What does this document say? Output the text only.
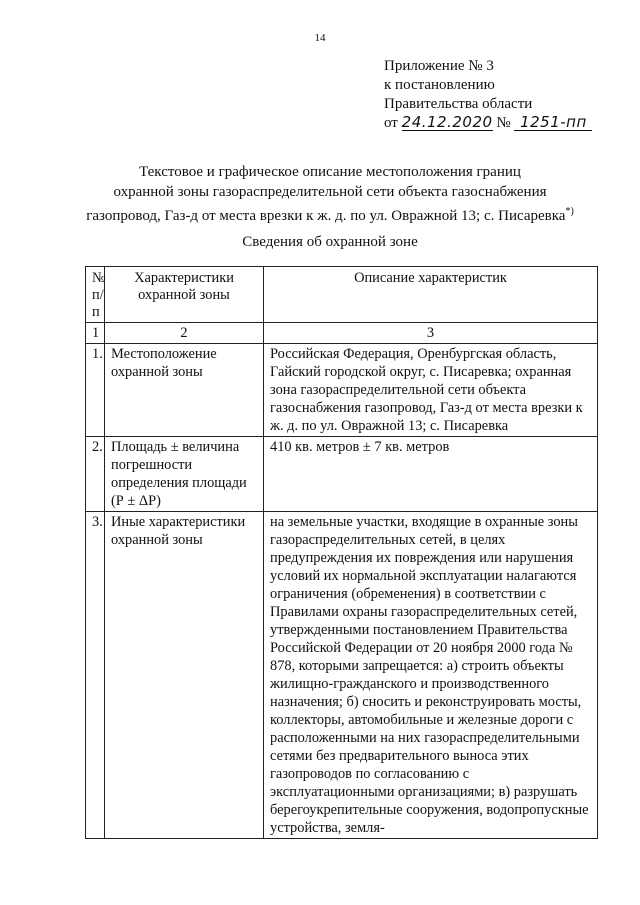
14
Приложение № 3
к постановлению
Правительства области
от 24.12.2020 № 1251-пп
Текстовое и графическое описание местоположения границ
охранной зоны газораспределительной сети объекта газоснабжения
газопровод, Газ-д от места врезки к ж. д. по ул. Овражной 13; с. Писаревка*)
Сведения об охранной зоне
№ п/п	Характеристики охранной зоны	Описание характеристик
1	2	3
1.	Местоположение охранной зоны	Российская Федерация, Оренбургская область, Гайский городской округ, с. Писаревка; охранная зона газораспределительной сети объекта газоснабжения газопровод, Газ-д от места врезки к ж. д. по ул. Овражной 13; с. Писаревка
2.	Площадь ± величина погрешности определения площади (Р ± ΔР)	410 кв. метров ± 7 кв. метров
3.	Иные характеристики охранной зоны	на земельные участки, входящие в охранные зоны газораспределительных сетей, в целях предупреждения их повреждения или нарушения условий их нормальной эксплуатации налагаются ограничения (обременения) в соответствии с Правилами охраны газораспределительных сетей, утвержденными постановлением Правительства Российской Федерации от 20 ноября 2000 года № 878, которыми запрещается: а) строить объекты жилищно-гражданского и производственного назначения; б) сносить и реконструировать мосты, коллекторы, автомобильные и железные дороги с расположенными на них газораспределительными сетями без предварительного выноса этих газопроводов по согласованию с эксплуатационными организациями; в) разрушать берегоукрепительные сооружения, водопропускные устройства, земля-
